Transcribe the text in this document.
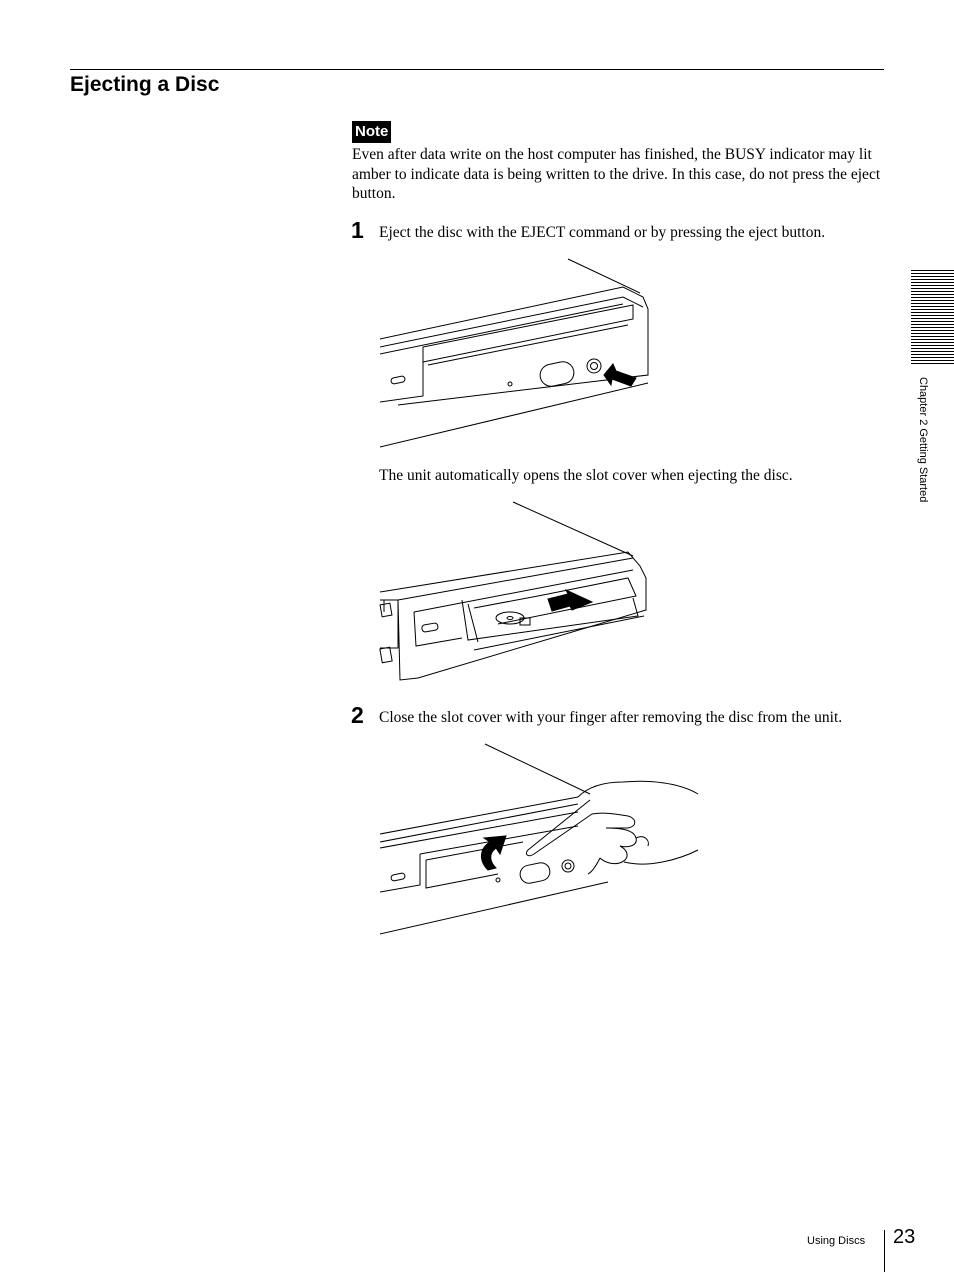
Ejecting a Disc
Note

Even after data write on the host computer has finished, the BUSY indicator may lit amber to indicate data is being written to the drive. In this case, do not press the eject button.

1 Eject the disc with the EJECT command or by pressing the eject button.

The unit automatically opens the slot cover when ejecting the disc.

2 Close the slot cover with your finger after removing the disc from the unit.

Chapter 2 Getting Started
Using Discs 23
